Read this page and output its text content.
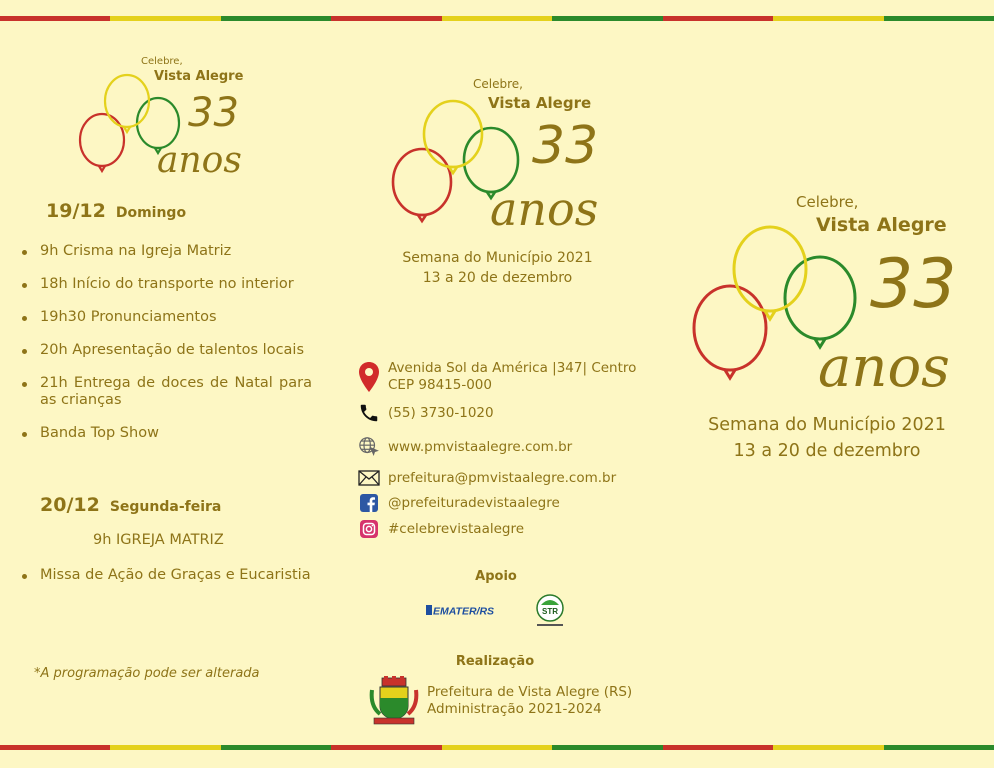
Celebre,
Vista Alegre
33
anos
19/12 Domingo
9h Crisma na Igreja Matriz
18h Início do transporte no interior
19h30 Pronunciamentos
20h Apresentação de talentos locais
21h Entrega de doces de Natal para as crianças
Banda Top Show
20/12 Segunda-feira
9h IGREJA MATRIZ
Missa de Ação de Graças e Eucaristia
*A programação pode ser alterada
Celebre,
Vista Alegre
33
anos
Semana do Município 2021
13 a 20 de dezembro
Avenida Sol da América |347| Centro
CEP 98415-000
(55) 3730-1020
www.pmvistaalegre.com.br
prefeitura@pmvistaalegre.com.br
@prefeituradevistaalegre
#celebrevistaalegre
Apoio
EMATER/RS	STR
Realização
Prefeitura de Vista Alegre (RS)
Administração 2021-2024
Celebre,
Vista Alegre
33
anos
Semana do Município 2021
13 a 20 de dezembro
